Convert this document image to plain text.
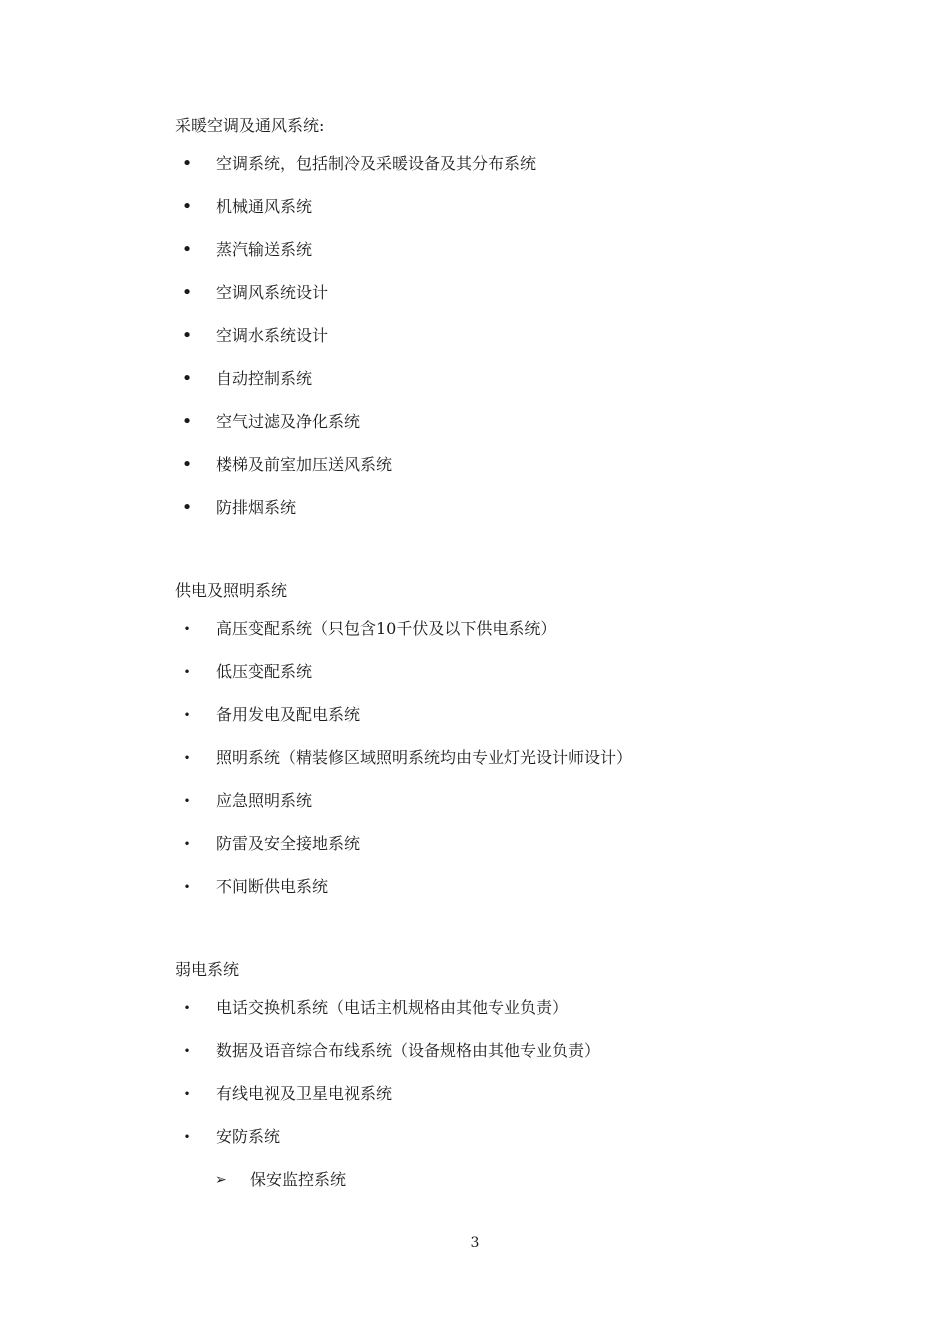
采暖空调及通风系统:
• 空调系统，包括制冷及采暖设备及其分布系统
• 机械通风系统
• 蒸汽输送系统
• 空调风系统设计
• 空调水系统设计
• 自动控制系统
• 空气过滤及净化系统
• 楼梯及前室加压送风系统
• 防排烟系统
供电及照明系统
• 高压变配系统（只包含10千伏及以下供电系统）
• 低压变配系统
• 备用发电及配电系统
• 照明系统（精装修区域照明系统均由专业灯光设计师设计）
• 应急照明系统
• 防雷及安全接地系统
• 不间断供电系统
弱电系统
• 电话交换机系统（电话主机规格由其他专业负责）
• 数据及语音综合布线系统（设备规格由其他专业负责）
• 有线电视及卫星电视系统
• 安防系统
➢ 保安监控系统
3
